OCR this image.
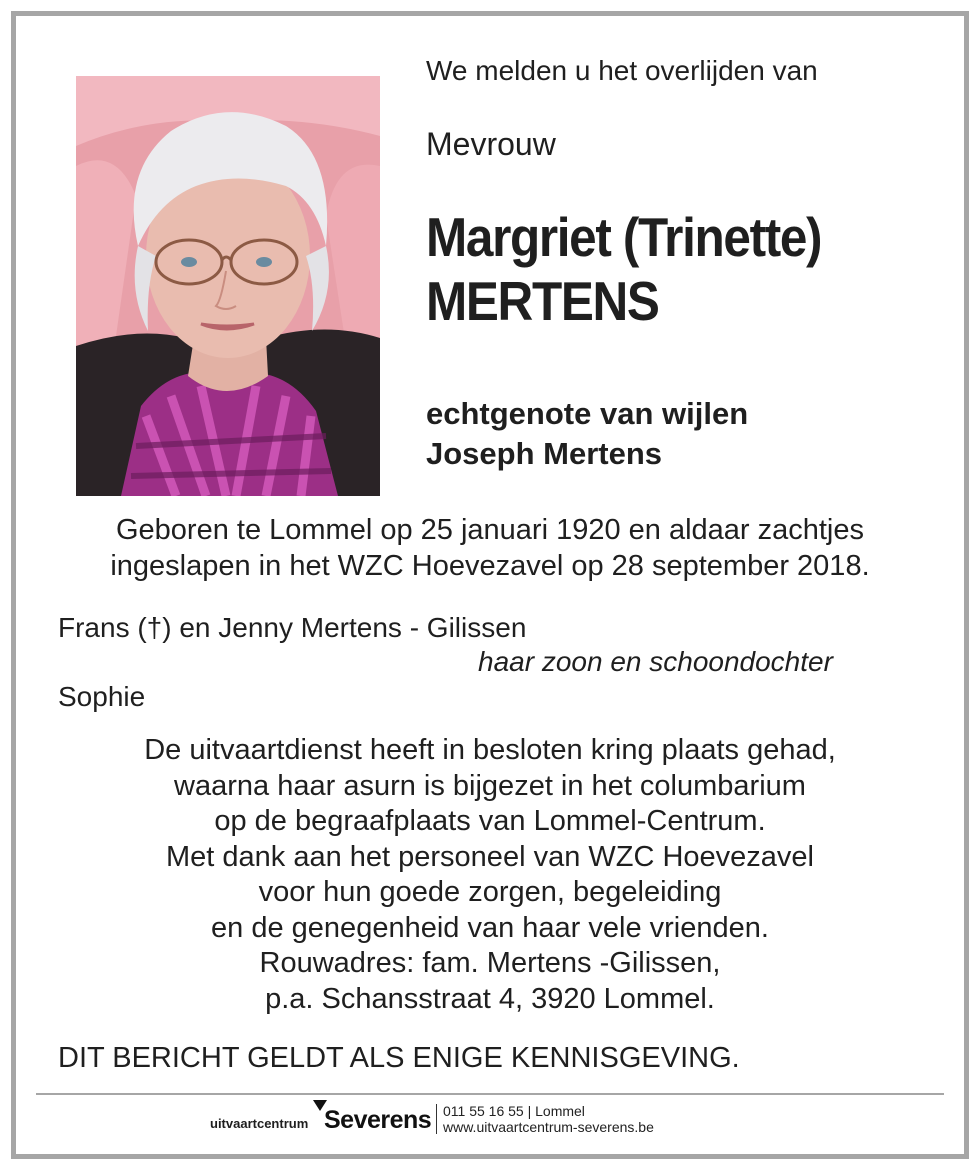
We melden u het overlijden van
Mevrouw
Margriet (Trinette)
MERTENS
echtgenote van wijlen
Joseph Mertens
Geboren te Lommel op 25 januari 1920 en aldaar zachtjes
ingeslapen in het WZC Hoevezavel op 28 september 2018.
Frans (†) en Jenny Mertens - Gilissen
haar zoon en schoondochter
Sophie
De uitvaartdienst heeft in besloten kring plaats gehad,
waarna haar asurn is bijgezet in het columbarium
op de begraafplaats van Lommel-Centrum.
Met dank aan het personeel van WZC Hoevezavel
voor hun goede zorgen, begeleiding
en de genegenheid van haar vele vrienden.
Rouwadres: fam. Mertens -Gilissen,
p.a. Schansstraat 4, 3920 Lommel.
DIT BERICHT GELDT ALS ENIGE KENNISGEVING.
uitvaartcentrum Severens 011 55 16 55 | Lommel
www.uitvaartcentrum-severens.be
